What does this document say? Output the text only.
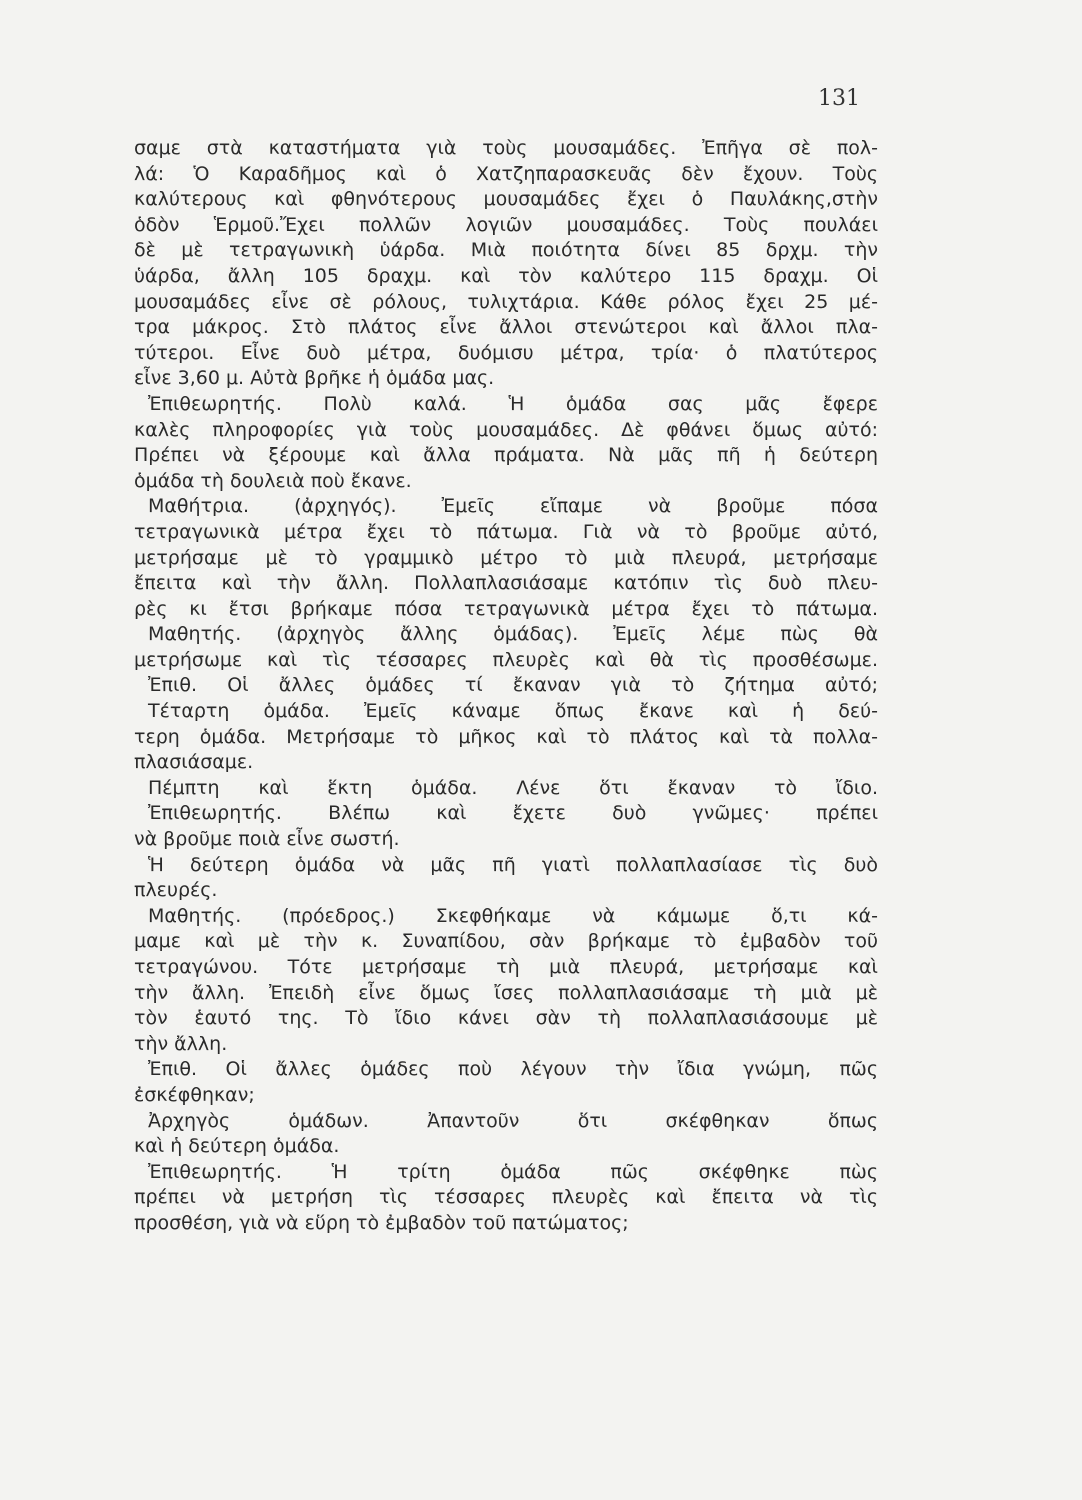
131
σαμε στὰ καταστήματα γιὰ τοὺς μουσαμάδες. Ἐπῆγα σὲ πολ-
λά: Ὁ Καραδῆμος καὶ ὁ Χατζηπαρασκευᾶς δὲν ἔχουν. Τοὺς
καλύτερους καὶ φθηνότερους μουσαμάδες ἔχει ὁ Παυλάκης,στὴν
ὁδὸν Ἑρμοῦ.Ἔχει πολλῶν λογιῶν μουσαμάδες. Τοὺς πουλάει
δὲ μὲ τετραγωνικὴ ὑάρδα. Μιὰ ποιότητα δίνει 85 δρχμ. τὴν
ὑάρδα, ἄλλη 105 δραχμ. καὶ τὸν καλύτερο 115 δραχμ. Οἱ
μουσαμάδες εἶνε σὲ ρόλους, τυλιχτάρια. Κάθε ρόλος ἔχει 25 μέ-
τρα μάκρος. Στὸ πλάτος εἶνε ἄλλοι στενώτεροι καὶ ἄλλοι πλα-
τύτεροι. Εἶνε δυὸ μέτρα, δυόμισυ μέτρα, τρία· ὁ πλατύτερος
εἶνε 3,60 μ. Αὐτὰ βρῆκε ἡ ὁμάδα μας.
Ἐπιθεωρητής. Πολὺ καλά. Ἡ ὁμάδα σας μᾶς ἔφερε
καλὲς πληροφορίες γιὰ τοὺς μουσαμάδες. Δὲ φθάνει ὅμως αὐτό:
Πρέπει νὰ ξέρουμε καὶ ἄλλα πράματα. Νὰ μᾶς πῆ ἡ δεύτερη
ὁμάδα τὴ δουλειὰ ποὺ ἔκανε.
Μαθήτρια. (ἀρχηγός). Ἐμεῖς εἴπαμε νὰ βροῦμε πόσα
τετραγωνικὰ μέτρα ἔχει τὸ πάτωμα. Γιὰ νὰ τὸ βροῦμε αὐτό,
μετρήσαμε μὲ τὸ γραμμικὸ μέτρο τὸ μιὰ πλευρά, μετρήσαμε
ἔπειτα καὶ τὴν ἄλλη. Πολλαπλασιάσαμε κατόπιν τὶς δυὸ πλευ-
ρὲς κι ἔτσι βρήκαμε πόσα τετραγωνικὰ μέτρα ἔχει τὸ πάτωμα.
Μαθητής. (ἀρχηγὸς ἄλλης ὁμάδας). Ἐμεῖς λέμε πὼς θὰ
μετρήσωμε καὶ τὶς τέσσαρες πλευρὲς καὶ θὰ τὶς προσθέσωμε.
Ἐπιθ. Οἱ ἄλλες ὁμάδες τί ἔκαναν γιὰ τὸ ζήτημα αὐτό;
Τέταρτη ὁμάδα. Ἐμεῖς κάναμε ὅπως ἔκανε καὶ ἡ δεύ-
τερη ὁμάδα. Μετρήσαμε τὸ μῆκος καὶ τὸ πλάτος καὶ τὰ πολλα-
πλασιάσαμε.
Πέμπτη καὶ ἕκτη ὁμάδα. Λένε ὅτι ἔκαναν τὸ ἴδιο.
Ἐπιθεωρητής. Βλέπω καὶ ἔχετε δυὸ γνῶμες· πρέπει
νὰ βροῦμε ποιὰ εἶνε σωστή.
Ἡ δεύτερη ὁμάδα νὰ μᾶς πῆ γιατὶ πολλαπλασίασε τὶς δυὸ
πλευρές.
Μαθητής. (πρόεδρος.) Σκεφθήκαμε νὰ κάμωμε ὅ,τι κά-
μαμε καὶ μὲ τὴν κ. Συναπίδου, σὰν βρήκαμε τὸ ἐμβαδὸν τοῦ
τετραγώνου. Τότε μετρήσαμε τὴ μιὰ πλευρά, μετρήσαμε καὶ
τὴν ἄλλη. Ἐπειδὴ εἶνε ὅμως ἴσες πολλαπλασιάσαμε τὴ μιὰ μὲ
τὸν ἑαυτό της. Τὸ ἴδιο κάνει σὰν τὴ πολλαπλασιάσουμε μὲ
τὴν ἄλλη.
Ἐπιθ. Οἱ ἄλλες ὁμάδες ποὺ λέγουν τὴν ἴδια γνώμη, πῶς
ἐσκέφθηκαν;
Ἀρχηγὸς ὁμάδων. Ἀπαντοῦν ὅτι σκέφθηκαν ὅπως
καὶ ἡ δεύτερη ὁμάδα.
Ἐπιθεωρητής. Ἡ τρίτη ὁμάδα πῶς σκέφθηκε πὼς
πρέπει νὰ μετρήση τὶς τέσσαρες πλευρὲς καὶ ἔπειτα νὰ τὶς
προσθέση, γιὰ νὰ εὕρη τὸ ἐμβαδὸν τοῦ πατώματος;
